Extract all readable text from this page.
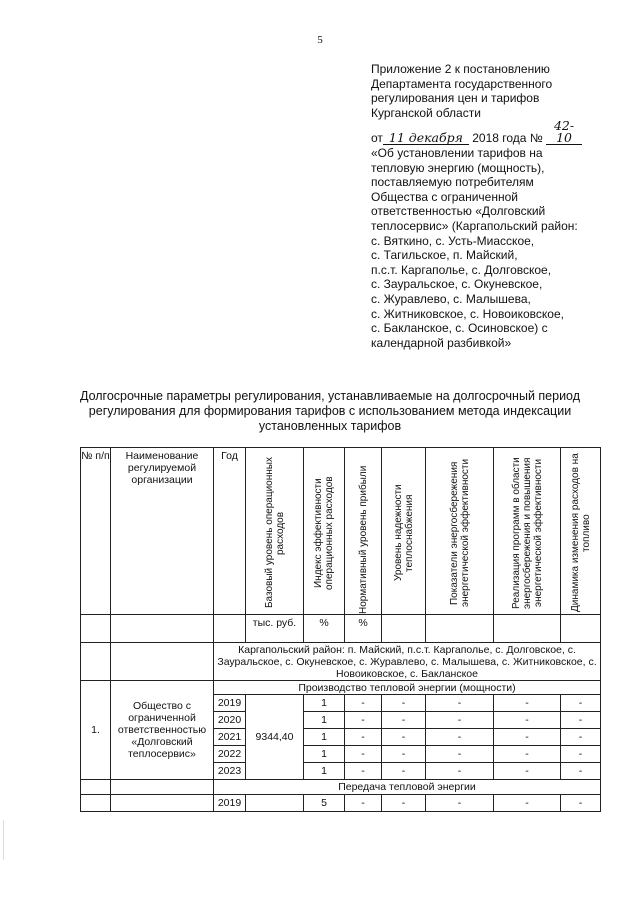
5
Приложение 2 к постановлению
Департамента государственного
регулирования цен и тарифов
Курганской области
от 11 декабря 2018 года № 42-10
«Об установлении тарифов на
тепловую энергию (мощность),
поставляемую потребителям
Общества с ограниченной
ответственностью «Долговский
теплосервис» (Каргапольский район:
с. Вяткино, с. Усть-Миасское,
с. Тагильское, п. Майский,
п.с.т. Каргаполье, с. Долговское,
с. Зауральское, с. Окуневское,
с. Журавлево, с. Малышева,
с. Житниковское, с. Новоиковское,
с. Бакланское, с. Осиновское) с
календарной разбивкой»
Долгосрочные параметры регулирования, устанавливаемые на долгосрочный период
регулирования для формирования тарифов с использованием метода индексации
установленных тарифов
№ п/п	Наименование регулируемой организации	Год	Базовый уровень операционных расходов	Индекс эффективности операционных расходов	Нормативный уровень прибыли	Уровень надежности теплоснабжения	Показатели энергосбережения энергетической эффективности	Реализация программ в области энергосбережения и повышения энергетической эффективности	Динамика изменения расходов на топливо

			тыс. руб.	%	%				
		Каргапольский район: п. Майский, п.с.т. Каргаполье, с. Долговское, с. Зауральское, с. Окуневское, с. Журавлево, с. Малышева, с. Житниковское, с. Новоиковское, с. Бакланское							
1.	Общество с ограниченной ответственностью «Долговский теплосервис»	Производство тепловой энергии (мощности)							
		2019	9344,40	1	-	-	-	-	-
		2020		1	-	-	-	-	-
		2021		1	-	-	-	-	-
		2022		1	-	-	-	-	-
		2023		1	-	-	-	-	-
		Передача тепловой энергии							
		2019		5	-	-	-	-	-
